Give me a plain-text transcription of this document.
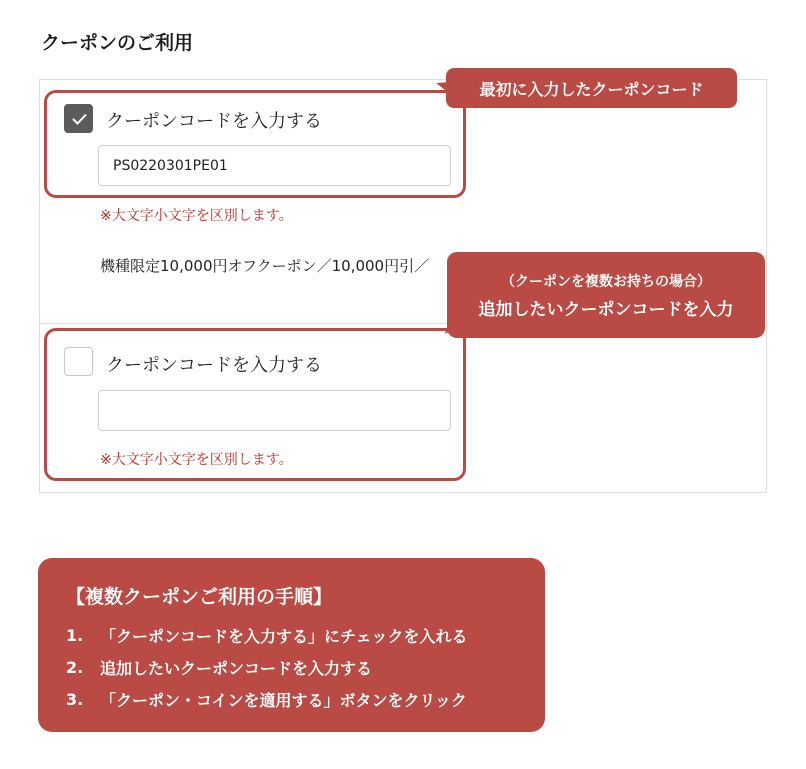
クーポンのご利用
クーポンコードを入力する
PS0220301PE01
※大文字小文字を区別します。
機種限定10,000円オフクーポン／10,000円引／
クーポンコードを入力する
※大文字小文字を区別します。
最初に入力したクーポンコード
（クーポンを複数お持ちの場合）
追加したいクーポンコードを入力
【複数クーポンご利用の手順】
1.	「クーポンコードを入力する」にチェックを入れる
2.	追加したいクーポンコードを入力する
3.	「クーポン・コインを適用する」ボタンをクリック
